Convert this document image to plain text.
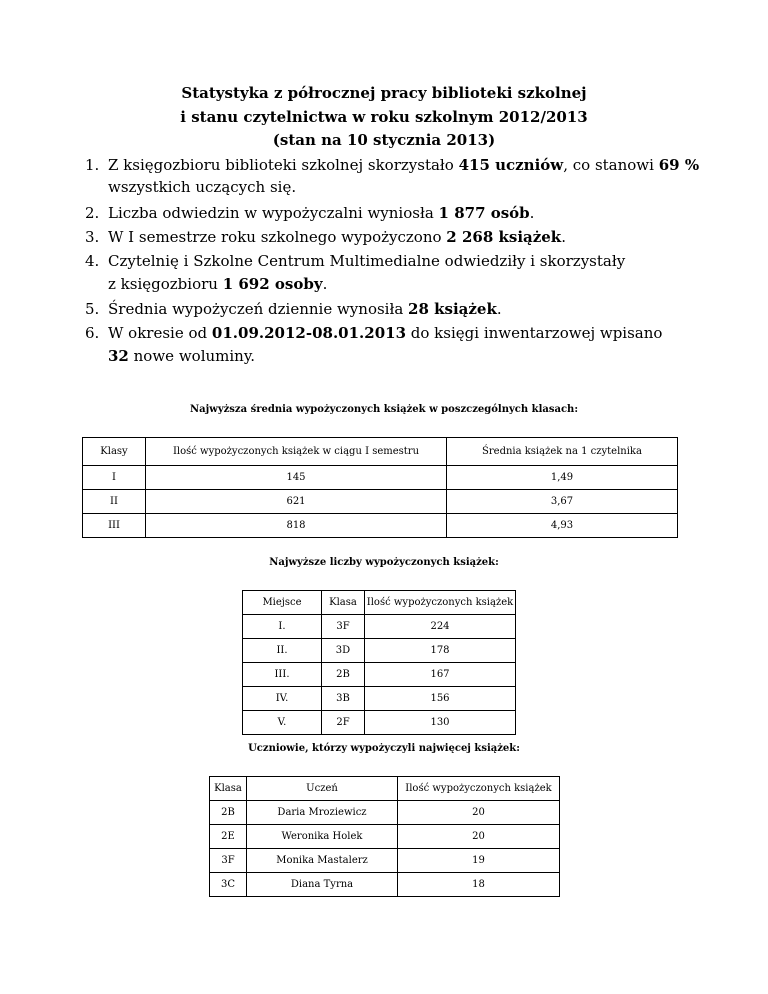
Statystyka z półrocznej pracy biblioteki szkolnej
i stanu czytelnictwa w roku szkolnym 2012/2013
(stan na 10 stycznia 2013)
1. Z księgozbioru biblioteki szkolnej skorzystało 415 uczniów, co stanowi 69 %
wszystkich uczących się.
2. Liczba odwiedzin w wypożyczalni wyniosła 1 877 osób.
3. W I semestrze roku szkolnego wypożyczono 2 268 książek.
4. Czytelnię i Szkolne Centrum Multimedialne odwiedziły i skorzystały
z księgozbioru 1 692 osoby.
5. Średnia wypożyczeń dziennie wynosiła 28 książek.
6. W okresie od 01.09.2012-08.01.2013 do księgi inwentarzowej wpisano
32 nowe woluminy.
Najwyższa średnia wypożyczonych książek w poszczególnych klasach:
Klasy	Ilość wypożyczonych książek w ciągu I semestru	Średnia książek na 1 czytelnika
I	145	1,49
II	621	3,67
III	818	4,93
Najwyższe liczby wypożyczonych książek:
Miejsce	Klasa	Ilość wypożyczonych książek
I.	3F	224
II.	3D	178
III.	2B	167
IV.	3B	156
V.	2F	130
Uczniowie, którzy wypożyczyli najwięcej książek:
Klasa	Uczeń	Ilość wypożyczonych książek
2B	Daria Mroziewicz	20
2E	Weronika Holek	20
3F	Monika Mastalerz	19
3C	Diana Tyrna	18
